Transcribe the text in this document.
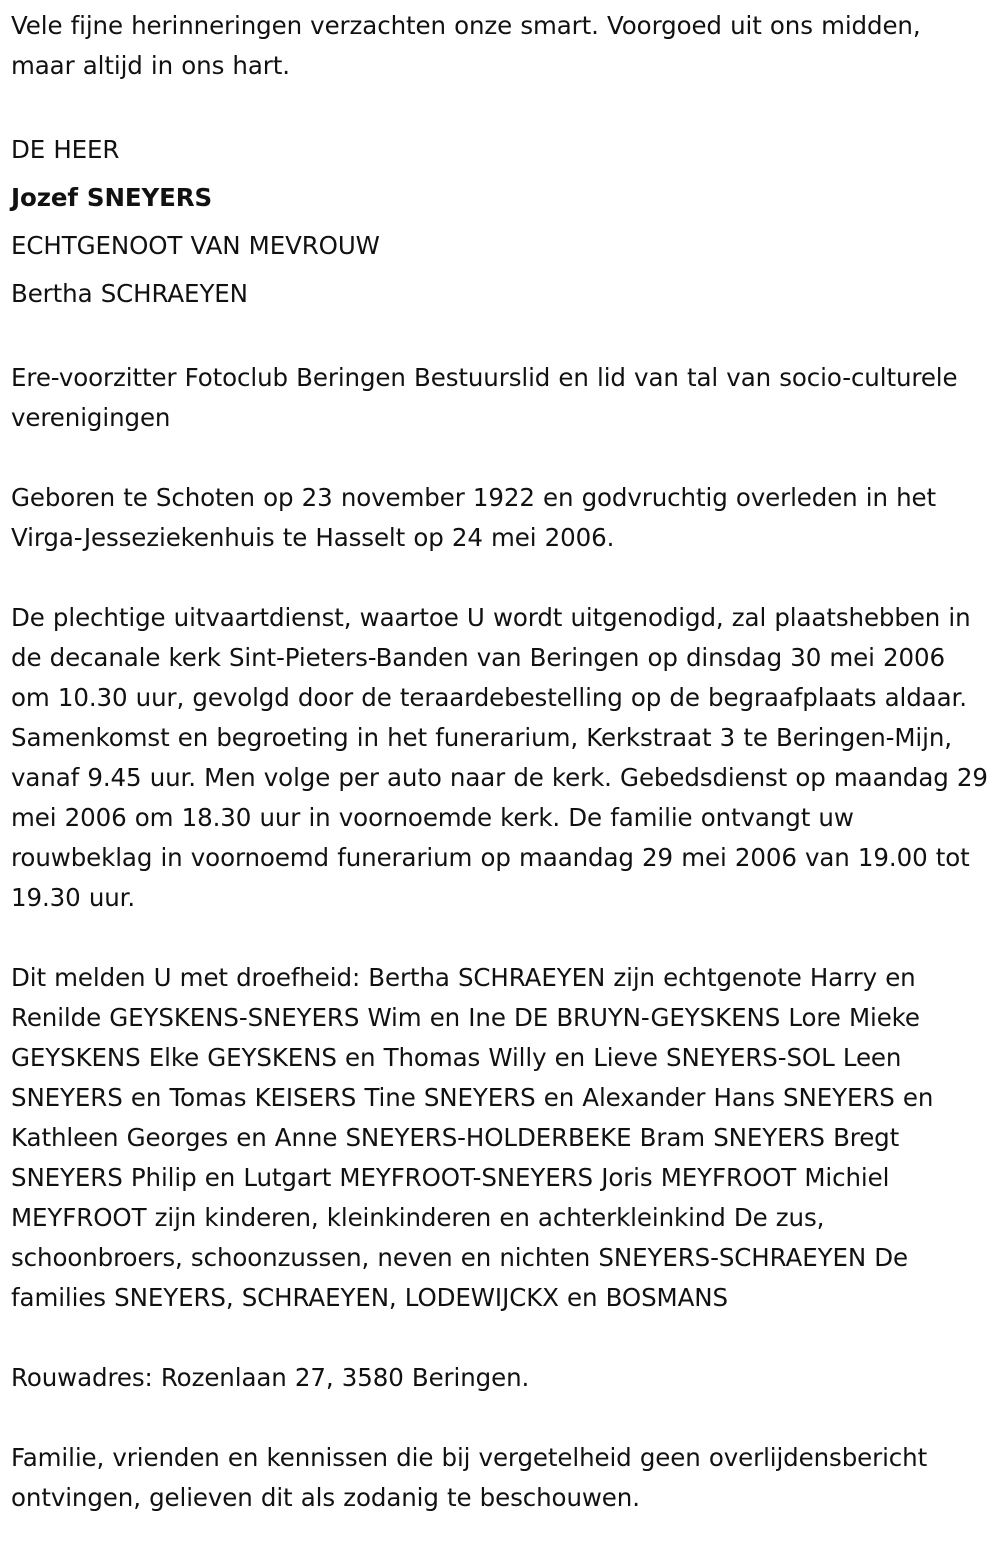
Vele fijne herinneringen verzachten onze smart. Voorgoed uit ons midden, maar altijd in ons hart.

DE HEER

Jozef SNEYERS

ECHTGENOOT VAN MEVROUW

Bertha SCHRAEYEN

Ere-voorzitter Fotoclub Beringen Bestuurslid en lid van tal van socio-culturele verenigingen

Geboren te Schoten op 23 november 1922 en godvruchtig overleden in het Virga-Jesseziekenhuis te Hasselt op 24 mei 2006.

De plechtige uitvaartdienst, waartoe U wordt uitgenodigd, zal plaatshebben in de decanale kerk Sint-Pieters-Banden van Beringen op dinsdag 30 mei 2006 om 10.30 uur, gevolgd door de teraardebestelling op de begraafplaats aldaar. Samenkomst en begroeting in het funerarium, Kerkstraat 3 te Beringen-Mijn, vanaf 9.45 uur. Men volge per auto naar de kerk. Gebedsdienst op maandag 29 mei 2006 om 18.30 uur in voornoemde kerk. De familie ontvangt uw rouwbeklag in voornoemd funerarium op maandag 29 mei 2006 van 19.00 tot 19.30 uur.

Dit melden U met droefheid: Bertha SCHRAEYEN zijn echtgenote Harry en Renilde GEYSKENS-SNEYERS Wim en Ine DE BRUYN-GEYSKENS Lore Mieke GEYSKENS Elke GEYSKENS en Thomas Willy en Lieve SNEYERS-SOL Leen SNEYERS en Tomas KEISERS Tine SNEYERS en Alexander Hans SNEYERS en Kathleen Georges en Anne SNEYERS-HOLDERBEKE Bram SNEYERS Bregt SNEYERS Philip en Lutgart MEYFROOT-SNEYERS Joris MEYFROOT Michiel MEYFROOT zijn kinderen, kleinkinderen en achterkleinkind De zus, schoonbroers, schoonzussen, neven en nichten SNEYERS-SCHRAEYEN De families SNEYERS, SCHRAEYEN, LODEWIJCKX en BOSMANS

Rouwadres: Rozenlaan 27, 3580 Beringen.

Familie, vrienden en kennissen die bij vergetelheid geen overlijdensbericht ontvingen, gelieven dit als zodanig te beschouwen.
